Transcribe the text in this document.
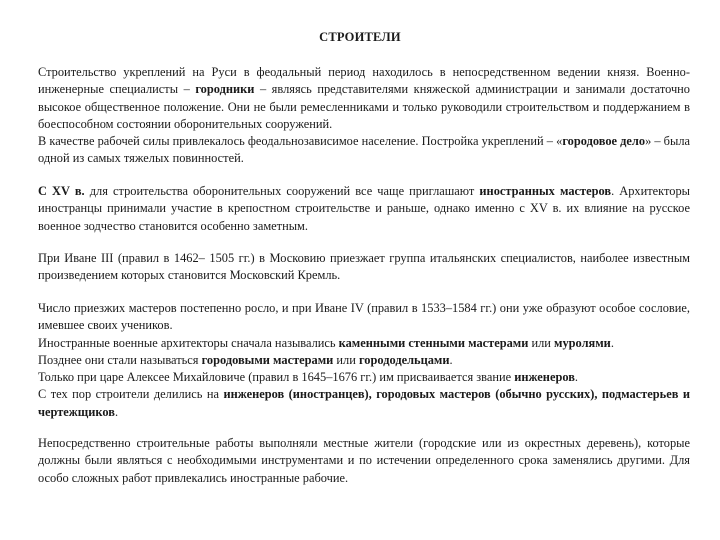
СТРОИТЕЛИ

Строительство укреплений на Руси в феодальный период находилось в непосредственном ведении князя. Военно-инженерные специалисты – городники – являясь представителями княжеской администрации и занимали достаточно высокое общественное положение. Они не были ремесленниками и только руководили строительством и поддержанием в боеспособном состоянии оборонительных сооружений.

В качестве рабочей силы привлекалось феодальнозависимое население. Постройка укреплений – «городовое дело» – была одной из самых тяжелых повинностей.

С XV в. для строительства оборонительных сооружений все чаще приглашают иностранных мастеров. Архитекторы иностранцы принимали участие в крепостном строительстве и раньше, однако именно с XV в. их влияние на русское военное зодчество становится особенно заметным.

При Иване III (правил в 1462– 1505 гг.) в Московию приезжает группа итальянских специалистов, наиболее известным произведением которых становится Московский Кремль.

Число приезжих мастеров постепенно росло, и при Иване IV (правил в 1533–1584 гг.) они уже образуют особое сословие, имевшее своих учеников.

Иностранные военные архитекторы сначала назывались каменными стенными мастерами или муролями.

Позднее они стали называться городовыми мастерами или горододельцами.

Только при царе Алексее Михайловиче (правил в 1645–1676 гг.) им присваивается звание инженеров.

С тех пор строители делились на инженеров (иностранцев), городовых мастеров (обычно русских), подмастерьев и чертежщиков.

Непосредственно строительные работы выполняли местные жители (городские или из окрестных деревень), которые должны были являться с необходимыми инструментами и по истечении определенного срока заменялись другими. Для особо сложных работ привлекались иностранные рабочие.
